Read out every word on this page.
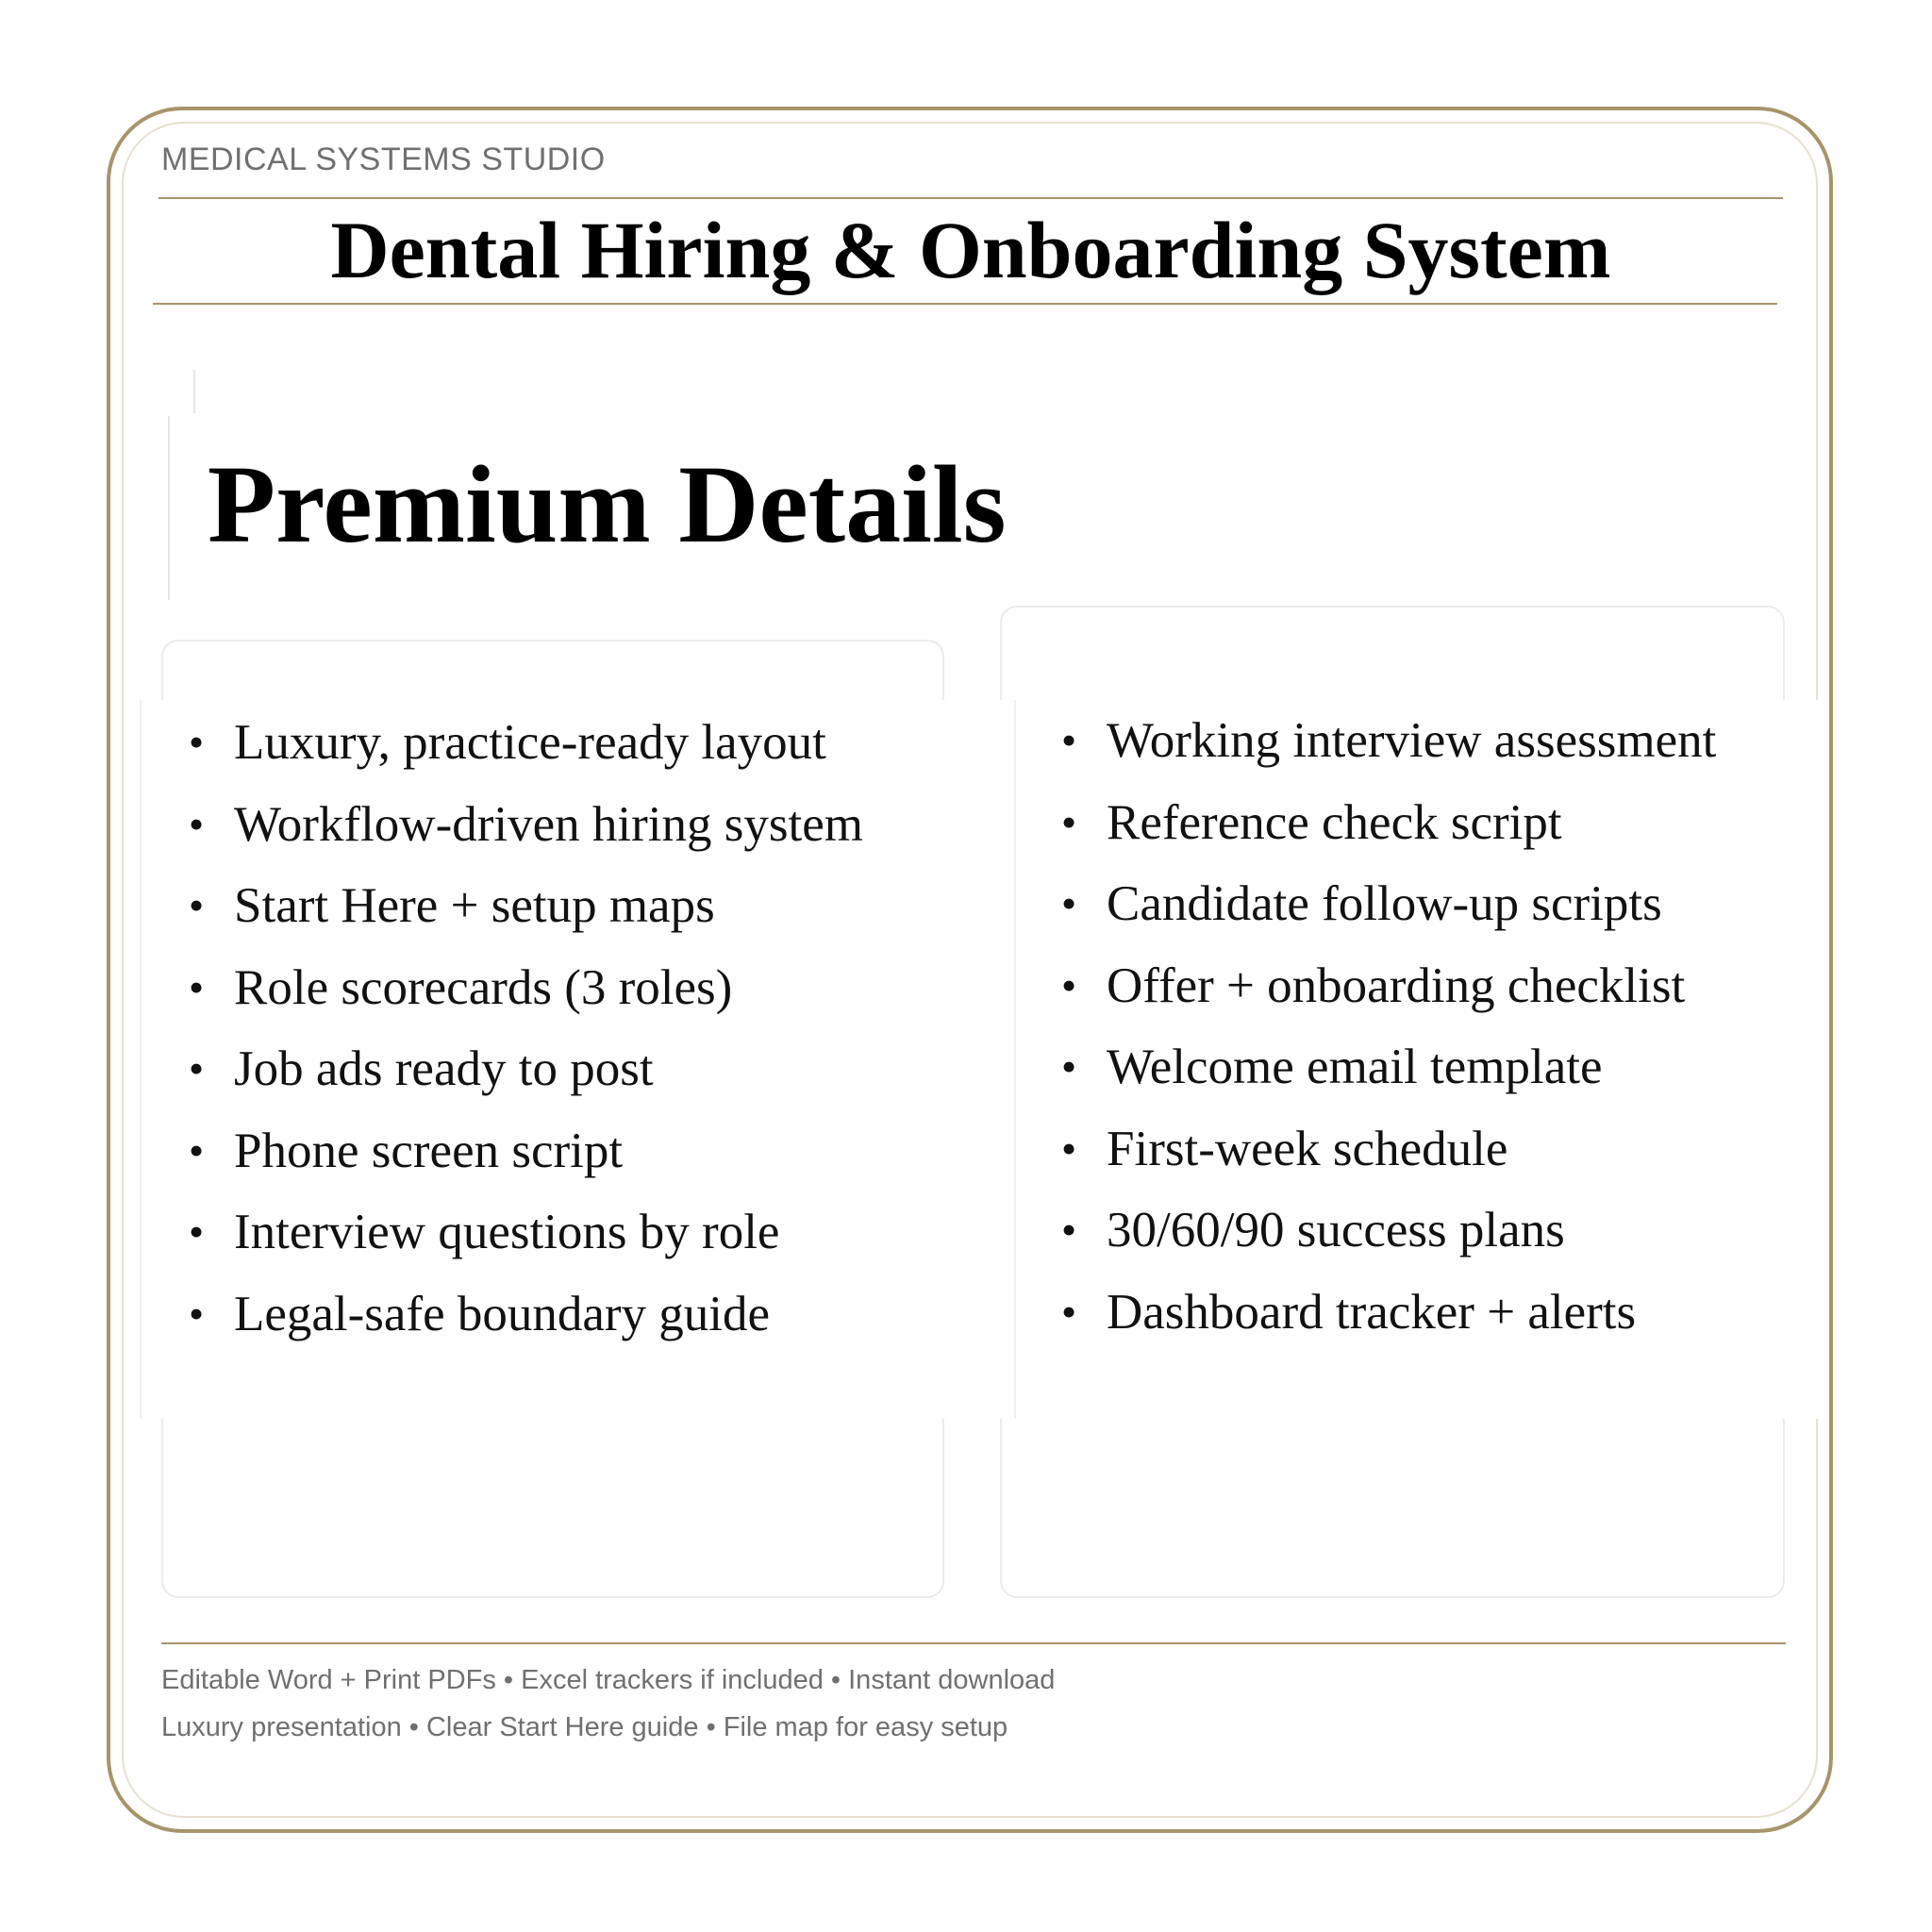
MEDICAL SYSTEMS STUDIO
Dental Hiring & Onboarding System
Premium Details
• Luxury, practice-ready layout
• Workflow-driven hiring system
• Start Here + setup maps
• Role scorecards (3 roles)
• Job ads ready to post
• Phone screen script
• Interview questions by role
• Legal-safe boundary guide
• Working interview assessment
• Reference check script
• Candidate follow-up scripts
• Offer + onboarding checklist
• Welcome email template
• First-week schedule
• 30/60/90 success plans
• Dashboard tracker + alerts
Editable Word + Print PDFs • Excel trackers if included • Instant download
Luxury presentation • Clear Start Here guide • File map for easy setup
